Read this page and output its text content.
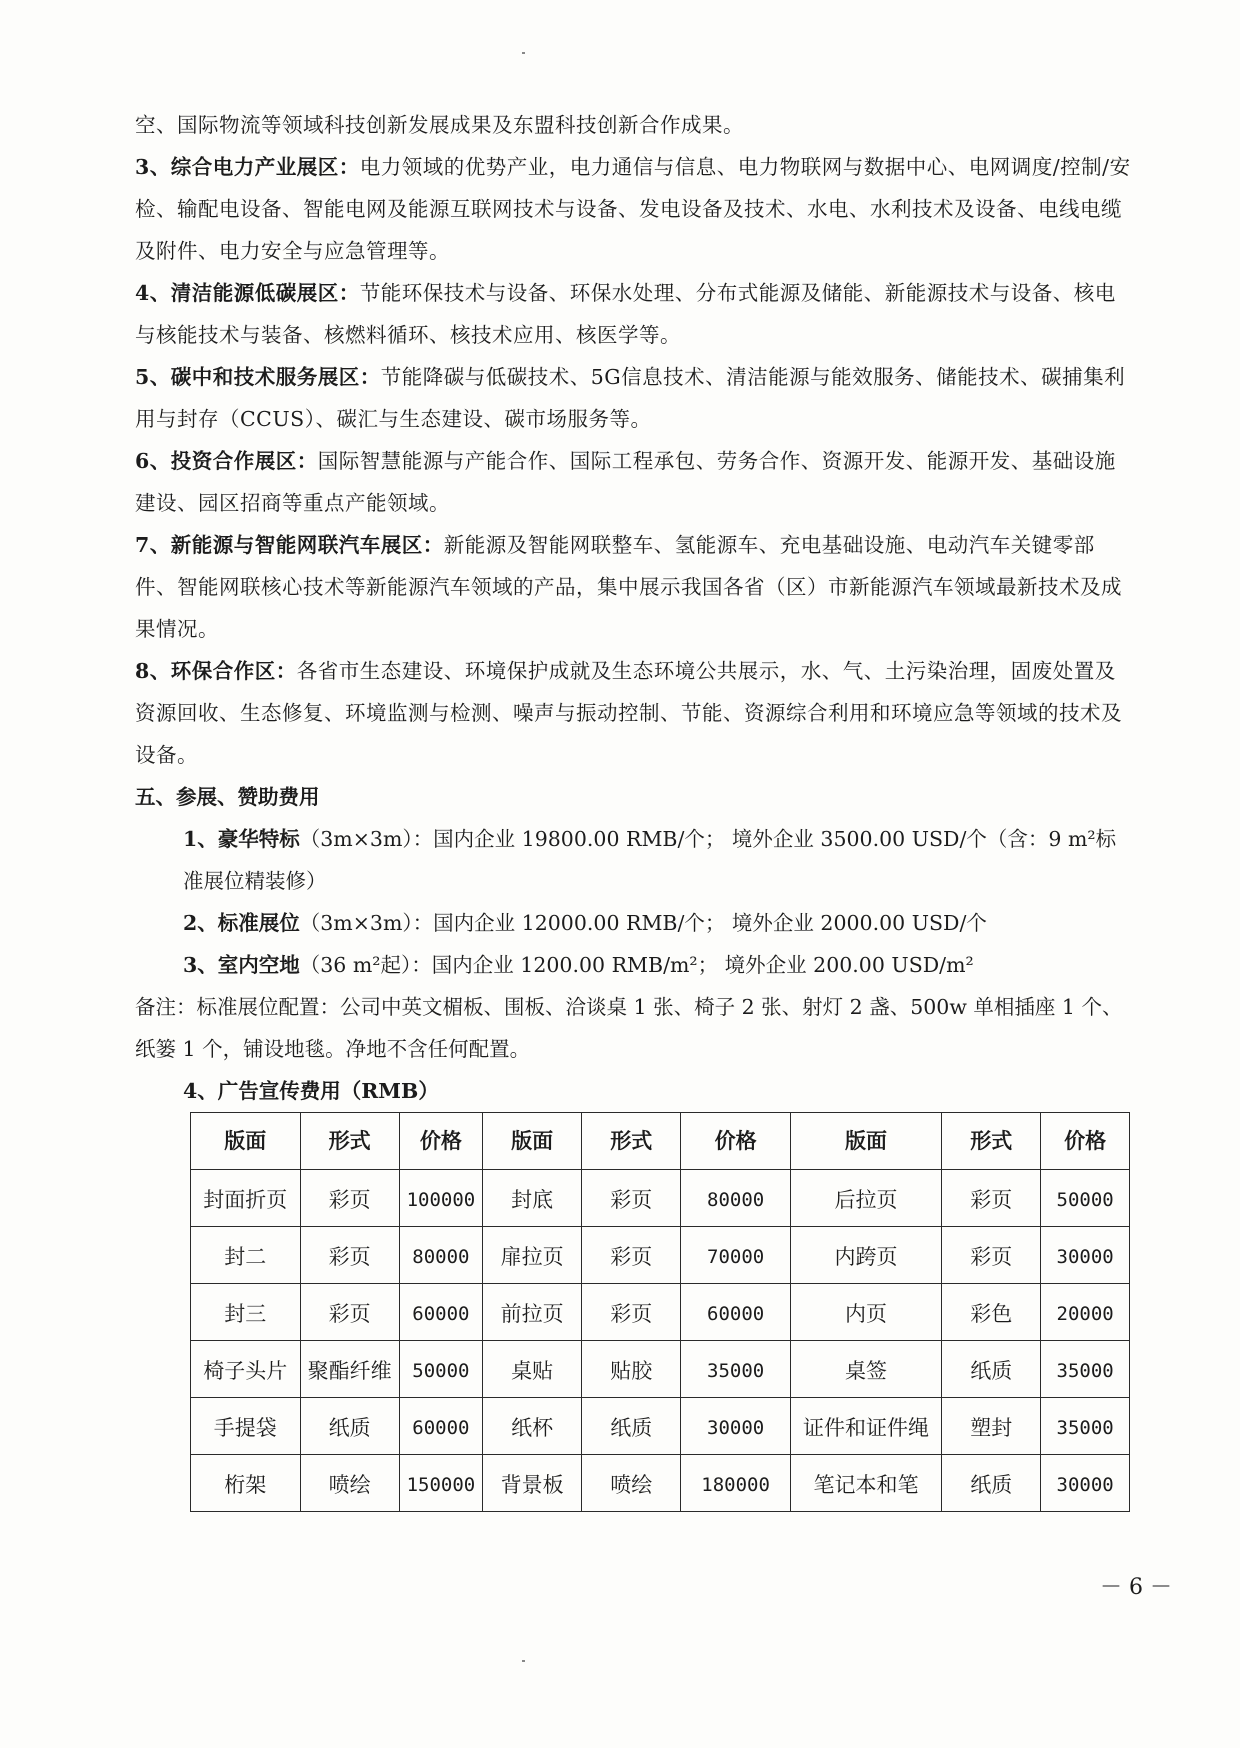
空、国际物流等领域科技创新发展成果及东盟科技创新合作成果。

3、综合电力产业展区：电力领域的优势产业，电力通信与信息、电力物联网与数据中心、电网调度/控制/安检、输配电设备、智能电网及能源互联网技术与设备、发电设备及技术、水电、水利技术及设备、电线电缆及附件、电力安全与应急管理等。

4、清洁能源低碳展区：节能环保技术与设备、环保水处理、分布式能源及储能、新能源技术与设备、核电与核能技术与装备、核燃料循环、核技术应用、核医学等。

5、碳中和技术服务展区：节能降碳与低碳技术、5G信息技术、清洁能源与能效服务、储能技术、碳捕集利用与封存（CCUS）、碳汇与生态建设、碳市场服务等。

6、投资合作展区：国际智慧能源与产能合作、国际工程承包、劳务合作、资源开发、能源开发、基础设施建设、园区招商等重点产能领域。

7、新能源与智能网联汽车展区：新能源及智能网联整车、氢能源车、充电基础设施、电动汽车关键零部件、智能网联核心技术等新能源汽车领域的产品，集中展示我国各省（区）市新能源汽车领域最新技术及成果情况。

8、环保合作区：各省市生态建设、环境保护成就及生态环境公共展示，水、气、土污染治理，固废处置及资源回收、生态修复、环境监测与检测、噪声与振动控制、节能、资源综合利用和环境应急等领域的技术及设备。

五、参展、赞助费用

1、豪华特标（3m×3m）：国内企业 19800.00 RMB/个； 境外企业 3500.00 USD/个（含：9 m²标准展位精装修）

2、标准展位（3m×3m）：国内企业 12000.00 RMB/个； 境外企业 2000.00 USD/个

3、室内空地（36 m²起）：国内企业 1200.00 RMB/m²； 境外企业 200.00 USD/m²

备注：标准展位配置：公司中英文楣板、围板、洽谈桌 1 张、椅子 2 张、射灯 2 盏、500w 单相插座 1 个、纸篓 1 个，铺设地毯。净地不含任何配置。

4、广告宣传费用（RMB）

版面	形式	价格	版面	形式	价格	版面	形式	价格
封面折页	彩页	100000	封底	彩页	80000	后拉页	彩页	50000
封二	彩页	80000	扉拉页	彩页	70000	内跨页	彩页	30000
封三	彩页	60000	前拉页	彩页	60000	内页	彩色	20000
椅子头片	聚酯纤维	50000	桌贴	贴胶	35000	桌签	纸质	35000
手提袋	纸质	60000	纸杯	纸质	30000	证件和证件绳	塑封	35000
桁架	喷绘	150000	背景板	喷绘	180000	笔记本和笔	纸质	30000
－ 6 －
